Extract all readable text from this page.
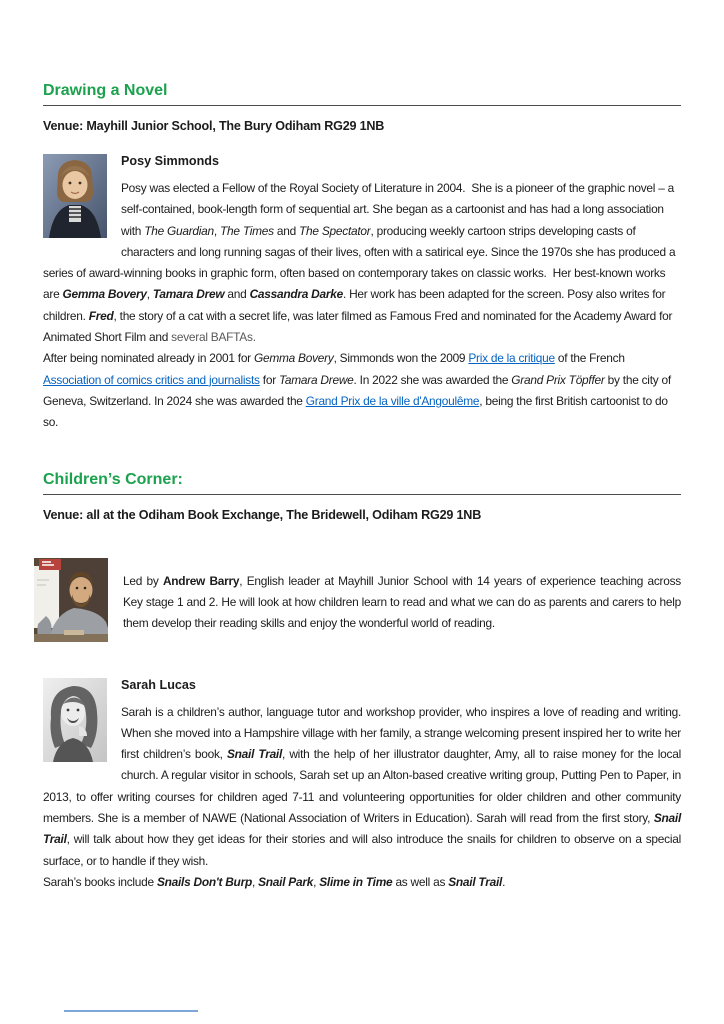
Drawing a Novel

Venue: Mayhill Junior School, The Bury Odiham RG29 1NB

Posy Simmonds

Posy was elected a Fellow of the Royal Society of Literature in 2004.  She is a pioneer of the graphic novel – a self-contained, book-length form of sequential art. She began as a cartoonist and has had a long association with The Guardian, The Times and The Spectator, producing weekly cartoon strips developing casts of characters and long running sagas of their lives, often with a satirical eye. Since the 1970s she has produced a series of award-winning books in graphic form, often based on contemporary takes on classic works.  Her best-known works are Gemma Bovery, Tamara Drew and Cassandra Darke. Her work has been adapted for the screen. Posy also writes for children. Fred, the story of a cat with a secret life, was later filmed as Famous Fred and nominated for the Academy Award for Animated Short Film and several BAFTAs.

After being nominated already in 2001 for Gemma Bovery, Simmonds won the 2009 Prix de la critique of the French Association of comics critics and journalists for Tamara Drewe. In 2022 she was awarded the Grand Prix Töpffer by the city of Geneva, Switzerland. In 2024 she was awarded the Grand Prix de la ville d'Angoulême, being the first British cartoonist to do so.

Children’s Corner:

Venue: all at the Odiham Book Exchange, The Bridewell, Odiham RG29 1NB

Led by Andrew Barry, English leader at Mayhill Junior School with 14 years of experience teaching across Key stage 1 and 2. He will look at how children learn to read and what we can do as parents and carers to help them develop their reading skills and enjoy the wonderful world of reading.

Sarah Lucas

Sarah is a children’s author, language tutor and workshop provider, who inspires a love of reading and writing. When she moved into a Hampshire village with her family, a strange welcoming present inspired her to write her first children’s book, Snail Trail, with the help of her illustrator daughter, Amy, all to raise money for the local church. A regular visitor in schools, Sarah set up an Alton-based creative writing group, Putting Pen to Paper, in 2013, to offer writing courses for children aged 7-11 and volunteering opportunities for older children and other community members. She is a member of NAWE (National Association of Writers in Education). Sarah will read from the first story, Snail Trail, will talk about how they get ideas for their stories and will also introduce the snails for children to observe on a special surface, or to handle if they wish.

Sarah’s books include Snails Don't Burp, Snail Park, Slime in Time as well as Snail Trail.
